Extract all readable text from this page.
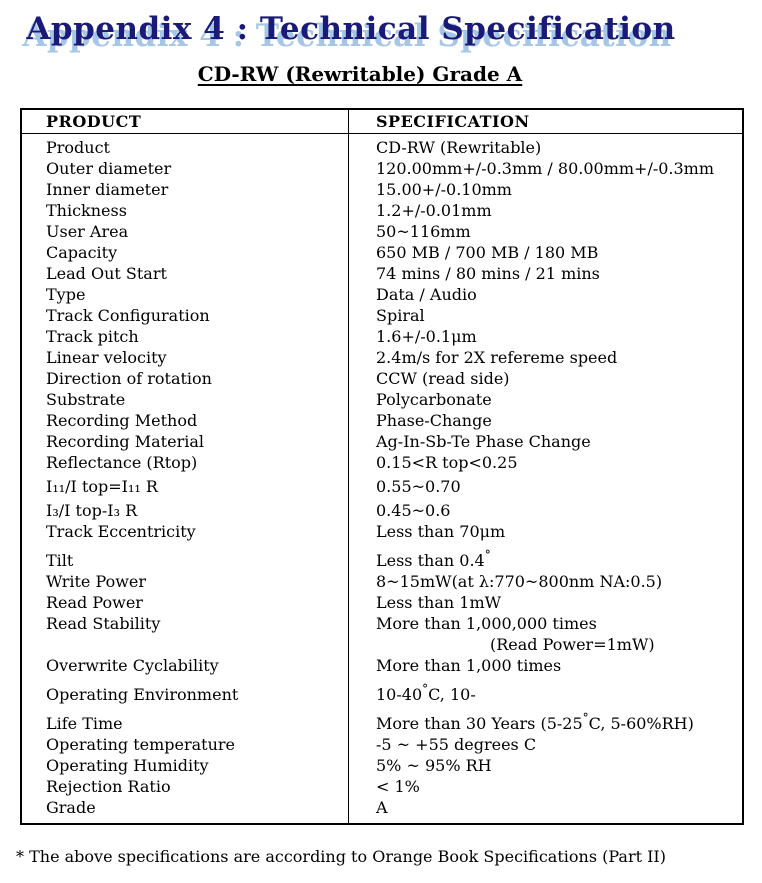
Appendix 4 : Technical Specification
CD-RW (Rewritable) Grade A
PRODUCT	SPECIFICATION
Product	CD-RW (Rewritable)
Outer diameter	120.00mm+/-0.3mm / 80.00mm+/-0.3mm
Inner diameter	15.00+/-0.10mm
Thickness	1.2+/-0.01mm
User Area	50~116mm
Capacity	650 MB / 700 MB / 180 MB
Lead Out Start	74 mins / 80 mins / 21 mins
Type	Data / Audio
Track Configuration	Spiral
Track pitch	1.6+/-0.1μm
Linear velocity	2.4m/s for 2X refereme speed
Direction of rotation	CCW (read side)
Substrate	Polycarbonate
Recording Method	Phase-Change
Recording Material	Ag-In-Sb-Te Phase Change
Reflectance (Rtop)	0.15<R top<0.25
I₁₁/I top=I₁₁ R	0.55~0.70
I₃/I top-I₃ R	0.45~0.6
Track Eccentricity	Less than 70μm
Tilt	Less than 0.4°
Write Power	8~15mW(at λ:770~800nm NA:0.5)
Read Power	Less than 1mW
Read Stability	More than 1,000,000 times
(Read Power=1mW)
Overwrite Cyclability	More than 1,000 times
Operating Environment	10-40°C, 10-
Life Time	More than 30 Years (5-25°C, 5-60%RH)
Operating temperature	-5 ~ +55 degrees C
Operating Humidity	5% ~ 95% RH
Rejection Ratio	< 1%
Grade	A
* The above specifications are according to Orange Book Specifications (Part II)
